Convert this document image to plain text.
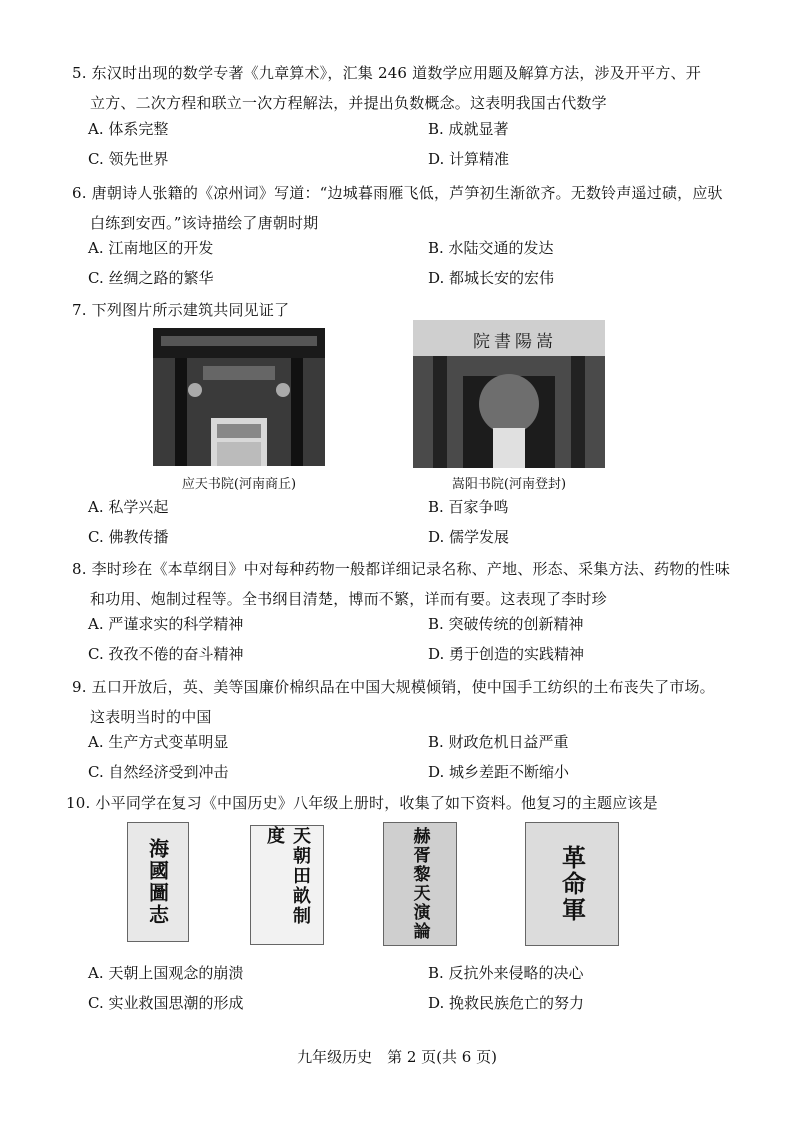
5. 东汉时出现的数学专著《九章算术》，汇集 246 道数学应用题及解算方法，涉及开平方、开
立方、二次方程和联立一次方程解法，并提出负数概念。这表明我国古代数学
A. 体系完整	B. 成就显著
C. 领先世界	D. 计算精准
6. 唐朝诗人张籍的《凉州词》写道：“边城暮雨雁飞低，芦笋初生渐欲齐。无数铃声遥过碛，应驮
白练到安西。”该诗描绘了唐朝时期
A. 江南地区的开发	B. 水陆交通的发达
C. 丝绸之路的繁华	D. 都城长安的宏伟
7. 下列图片所示建筑共同见证了
应天书院(河南商丘)
嵩陽書院
嵩阳书院(河南登封)
A. 私学兴起	B. 百家争鸣
C. 佛教传播	D. 儒学发展
8. 李时珍在《本草纲目》中对每种药物一般都详细记录名称、产地、形态、采集方法、药物的性味
和功用、炮制过程等。全书纲目清楚，博而不繁，详而有要。这表现了李时珍
A. 严谨求实的科学精神	B. 突破传统的创新精神
C. 孜孜不倦的奋斗精神	D. 勇于创造的实践精神
9. 五口开放后，英、美等国廉价棉织品在中国大规模倾销，使中国手工纺织的土布丧失了市场。
这表明当时的中国
A. 生产方式变革明显	B. 财政危机日益严重
C. 自然经济受到冲击	D. 城乡差距不断缩小
10. 小平同学在复习《中国历史》八年级上册时，收集了如下资料。他复习的主题应该是
海國圖志	天朝田畝制度	赫胥黎天演論	革命軍
A. 天朝上国观念的崩溃	B. 反抗外来侵略的决心
C. 实业救国思潮的形成	D. 挽救民族危亡的努力
九年级历史　第 2 页(共 6 页)
